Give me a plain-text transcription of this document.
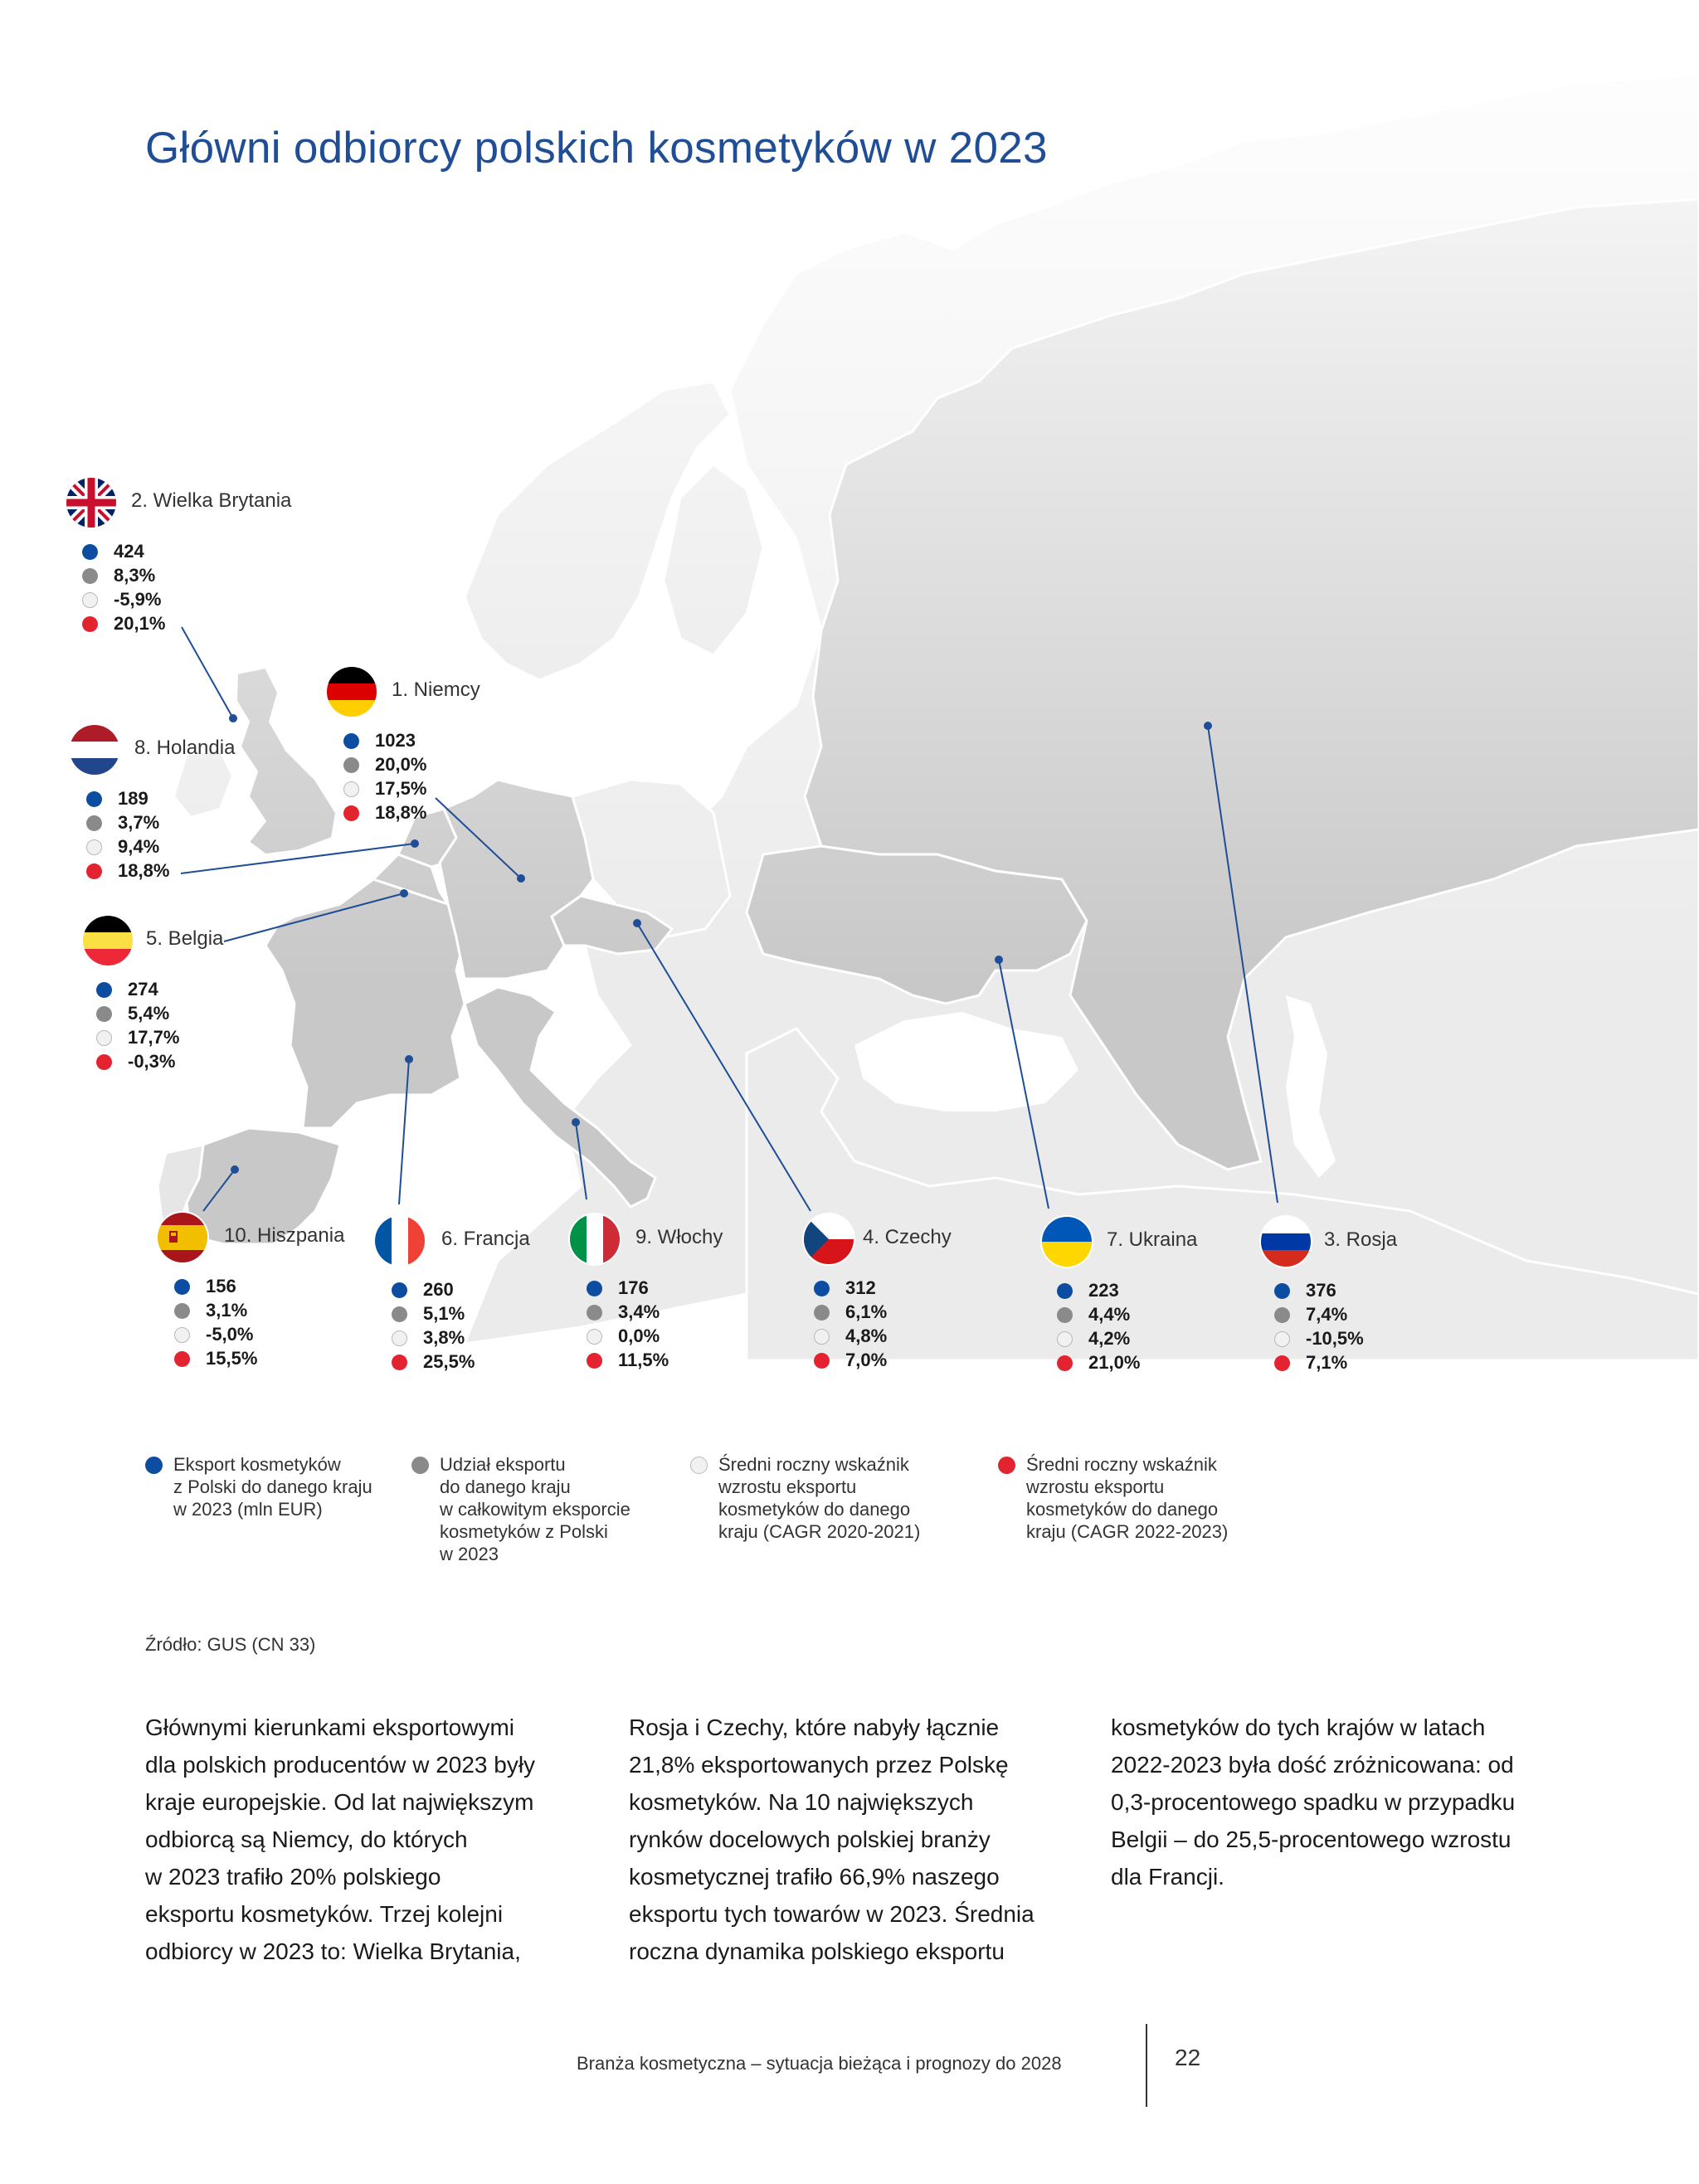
Główni odbiorcy polskich kosmetyków w 2023
2. Wielka Brytania
424
8,3%
-5,9%
20,1%
1. Niemcy
1023
20,0%
17,5%
18,8%
8. Holandia
189
3,7%
9,4%
18,8%
5. Belgia
274
5,4%
17,7%
-0,3%
10. Hiszpania
156
3,1%
-5,0%
15,5%
6. Francja
260
5,1%
3,8%
25,5%
9. Włochy
176
3,4%
0,0%
11,5%
4. Czechy
312
6,1%
4,8%
7,0%
7. Ukraina
223
4,4%
4,2%
21,0%
3. Rosja
376
7,4%
-10,5%
7,1%
Eksport kosmetyków
z Polski do danego kraju
w 2023 (mln EUR)
Udział eksportu
do danego kraju
w całkowitym eksporcie
kosmetyków z Polski
w 2023
Średni roczny wskaźnik
wzrostu eksportu
kosmetyków do danego
kraju (CAGR 2020-2021)
Średni roczny wskaźnik
wzrostu eksportu
kosmetyków do danego
kraju (CAGR 2022-2023)
Źródło: GUS (CN 33)
Głównymi kierunkami eksportowymi
dla polskich producentów w 2023 były
kraje europejskie. Od lat największym
odbiorcą są Niemcy, do których
w 2023 trafiło 20% polskiego
eksportu kosmetyków. Trzej kolejni
odbiorcy w 2023 to: Wielka Brytania,
Rosja i Czechy, które nabyły łącznie
21,8% eksportowanych przez Polskę
kosmetyków. Na 10 największych
rynków docelowych polskiej branży
kosmetycznej trafiło 66,9% naszego
eksportu tych towarów w 2023. Średnia
roczna dynamika polskiego eksportu
kosmetyków do tych krajów w latach
2022-2023 była dość zróżnicowana: od
0,3-procentowego spadku w przypadku
Belgii – do 25,5-procentowego wzrostu
dla Francji.
Branża kosmetyczna – sytuacja bieżąca i prognozy do 2028	22
